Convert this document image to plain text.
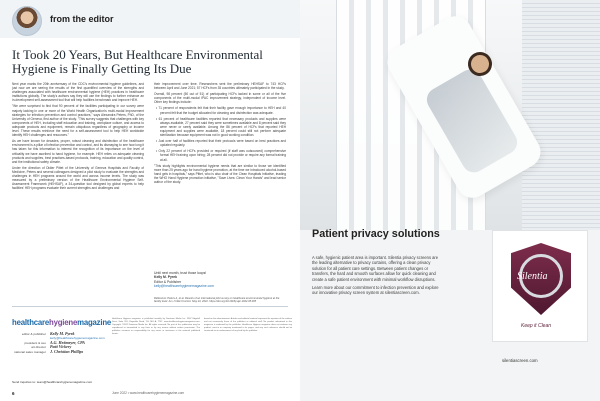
from the editor
It Took 20 Years, But Healthcare Environmental Hygiene is Finally Getting Its Due

Next year marks the 20th anniversary of the CDC's environmental hygiene guidelines, and just now we are seeing the results of the first quantified overview of the strengths and challenges associated with healthcare environmental hygiene (HEH) practices in healthcare institutions globally. The study's authors say they will use the findings to further enhance an in-development self-assessment tool that will help facilities benchmark and improve HEH.

"We were surprised to find that 90 percent of the facilities participating in our survey were majorly lacking in one or more of the World Health Organization's multi-modal improvement strategies for infection prevention and control practices," says Alexandra Peters, PhD, of the University of Geneva, first author of the study. "This survey suggests that challenges with key components of HEH, including staff education and training, workplace culture, and access to adequate products and equipment, remain ubiquitous regardless of geography or income level. These results reinforce the need for a self-assessment tool to help HEH worldwide identify HEH challenges and resources."

As we have known for decades, proper, robust cleaning and disinfection of the healthcare environment is a pillar of infection prevention and control, and its dismaying to see how long it has taken for this information to interest the recognition of its importance on the level of criticality we have ascribed to hand hygiene, for example. HEH relies on adequate cleaning products and supplies, best practices-based protocols, training, education and quality control, and the institutional safety climate.

Under the direction of Didier Pittet of the University of Geneva Hospitals and Faculty of Medicine, Peters and several colleagues designed a pilot study to evaluate the strengths and challenges in HEH programs around the world and across income levels. The study was measured by a preliminary version of the Healthcare Environmental Hygiene Self-Assessment Framework (HEHSAF), a 34-question tool designed by global experts to help facilities' HEH programs evaluate their current strengths and challenges and

their improvement over time. Researchers sent the preliminary HEHSAF to 743 HCFs between April and June 2021; 57 HCFs from 35 countries ultimately participated in the study.

Overall, 98 percent (50 out of 51) of participating HCFs lacked in some or all of the five components of the multi-modal IPAC improvement strategy, independent of income level. Other key findings include:

• 71 percent of respondents felt that their facility gave enough importance to HEH and 40 percent felt that the budget allocated for cleaning and disinfection was adequate.

• 61 percent of healthcare facilities reported that necessary products and supplies were always available, 27 percent said they were sometimes available and 8 percent said they were never or rarely available. Among the 86 percent of HCFs that reported HEH equipment and supplies were available, 18 percent could still not perform adequate sterilization because equipment was not in good working condition.

• Just over half of facilities reported that their protocols were based on best practices and updated regularly.

• Only 22 percent of HCFs provided or required (if staff was outsourced) comprehensive formal HEH training upon hiring; 28 percent did not provide or require any formal training at all.

"This study highlights environmental hygiene needs that are similar to those we identified more than 25 years ago for hand hygiene promotion, at the time we introduced alcohol-based hand gels in hospitals," says Pittet, who is also chair of the Clean Hospitals Initiative, leading the WHO Hand Hygiene promotion initiative, "Save Lives: Clean Your Hands" and lead senior author of the study.

Until next month, trust those loops!
Kelly M. Pyrek
Editor & Publisher
kelly@healthcarehygienemagazine.com
Reference: Peters A, et al. Results of an international pilot survey on healthcare environmental hygiene at the facility level. Am J Infect Control. May 24, 2022. https://doi.org/10.1016/j.ajic.2022.05.005
healthcarehygienemagazine
editor & publisher Kelly M. Pyrek
kelly@healthcarehygienemagazine.com
president & ceo A.G. Heitmeyer, CPA
art director Patti Vickery
national sales manager J. Christian Phillips
Send inquiries to: team@healthcarehygienemagazine.com
Healthcare Hygiene magazine is published monthly by Dominion Media Inc. 2807 Edgehill Drive, Suite 201, Reynolds Road, T.H. M.D.A. 7707. www.healthcarehygienemagazine.com. Copyright ©2022 Dominion Media Inc. All rights reserved. No part of this publication may be reproduced or transmitted in any form or by any means without written permission. The publisher assumes no responsibility for any errors or omissions in the material published herein.
based on the advertisement. Articles and editorial material represent the opinions of the authors and not necessarily those of the publisher or editorial staff. No product advertised in this magazine is endorsed by the publisher. Healthcare Hygiene magazine does not endorse any product, service or company mentioned in its pages, and any such reference should not be construed as an endorsement of any kind by the publisher.
6	June 2022 • www.healthcarehygienemagazine.com
Patient privacy solutions

A safe, hygienic patient area is important. Silentia privacy screens are the leading alternative to privacy curtains, offering a clean privacy solution for all patient care settings. Between patient changes or transfers, the hard and smooth surfaces allow for quick cleaning and create a safe patient environment with minimal workflow disruptions.

Learn more about our commitment to infection prevention and explore our innovative privacy screen system at silentiascreen.com.

Silentia
Keep it Clean
silentiascreen.com
